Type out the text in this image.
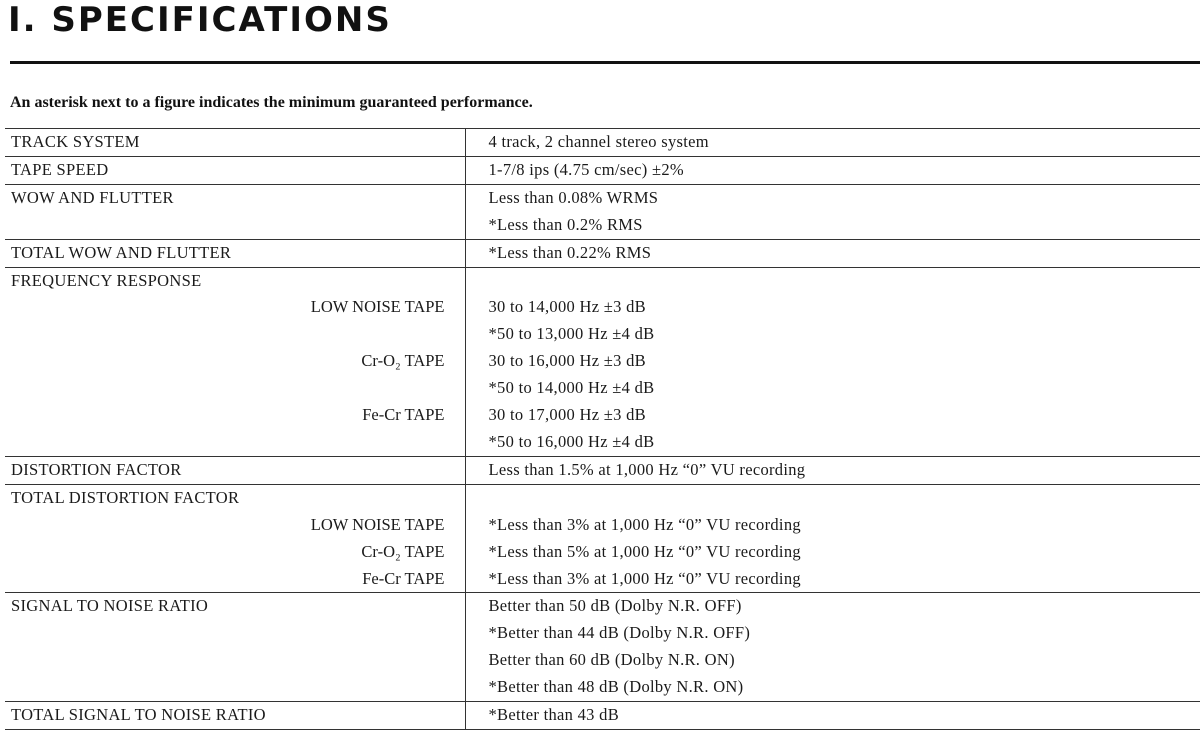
I. SPECIFICATIONS

An asterisk next to a figure indicates the minimum guaranteed performance.

TRACK SYSTEM	4 track, 2 channel stereo system
TAPE SPEED	1-7/8 ips (4.75 cm/sec) ±2%
WOW AND FLUTTER	Less than 0.08% WRMS
	*Less than 0.2% RMS
TOTAL WOW AND FLUTTER	*Less than 0.22% RMS
FREQUENCY RESPONSE	
LOW NOISE TAPE	30 to 14,000 Hz ±3 dB
	*50 to 13,000 Hz ±4 dB
Cr-O₂ TAPE	30 to 16,000 Hz ±3 dB
	*50 to 14,000 Hz ±4 dB
Fe-Cr TAPE	30 to 17,000 Hz ±3 dB
	*50 to 16,000 Hz ±4 dB
DISTORTION FACTOR	Less than 1.5% at 1,000 Hz “0” VU recording
TOTAL DISTORTION FACTOR	
LOW NOISE TAPE	*Less than 3% at 1,000 Hz “0” VU recording
Cr-O₂ TAPE	*Less than 5% at 1,000 Hz “0” VU recording
Fe-Cr TAPE	*Less than 3% at 1,000 Hz “0” VU recording
SIGNAL TO NOISE RATIO	Better than 50 dB (Dolby N.R. OFF)
	*Better than 44 dB (Dolby N.R. OFF)
	Better than 60 dB (Dolby N.R. ON)
	*Better than 48 dB (Dolby N.R. ON)
TOTAL SIGNAL TO NOISE RATIO	*Better than 43 dB
